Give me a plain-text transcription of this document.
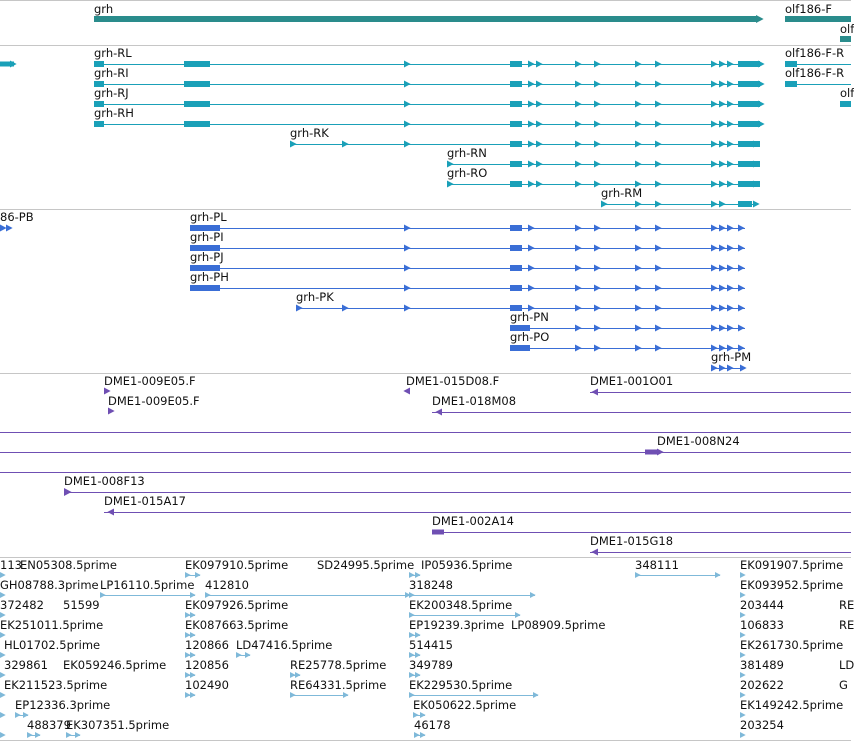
grh	olf186-F
olf
grh-RL
grh-RI
grh-RJ
grh-RH
grh-RK
grh-RN
grh-RO
grh-RM
olf186-F-R
olf186-F-R
olf
86-PB	grh-PL
grh-PI
grh-PJ
grh-PH
grh-PK
grh-PN
grh-PO
grh-PM
DME1-009E05.F
DME1-009E05.F
DME1-015D08.F
DME1-018M08
DME1-001O01
DME1-008N24
DME1-008F13
DME1-015A17
DME1-002A14
DME1-015G18
113
EN05308.5prime	EK097910.5prime	SD24995.5prime IP05936.5prime	EK091907.5prime
GH08788.3prime LP16110.5prime 412810	318248
348111
EK093952.5prime
372482 51599	EK097926.5prime	EK200348.5prime	203444	RE
EK251011.5prime	EK087663.5prime	EP19239.3prime LP08909.5prime	106833	RE
HL01702.5prime	120866 LD47416.5prime	514415	EK261730.5prime
329861 EK059246.5prime 120856	RE25778.5prime 349789	381489	LD
EK211523.5prime	102490	RE64331.5prime EK229530.5prime	202622	G
EP12336.3prime	EK050622.5prime	EK149242.5prime
488379
EK307351.5prime	46178	203254
